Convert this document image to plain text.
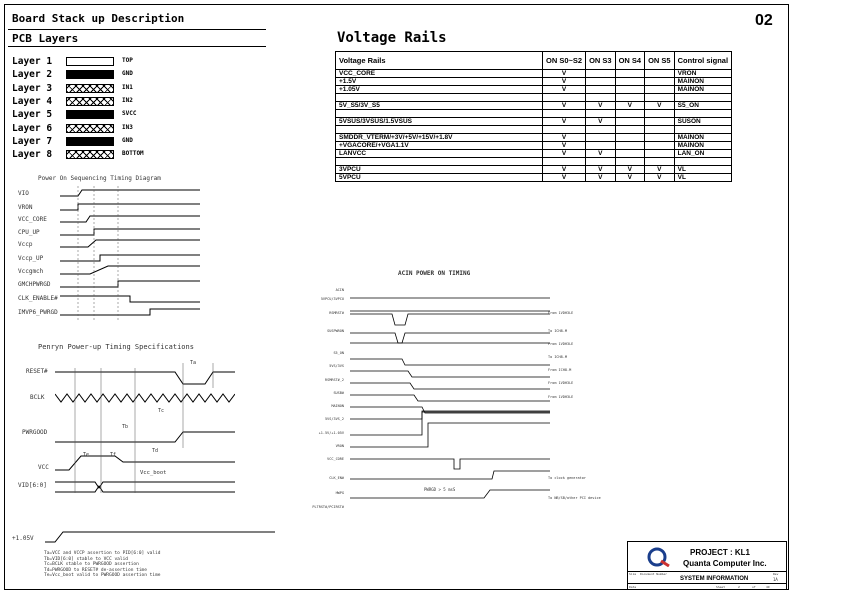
Board Stack up Description	02
PCB Layers
Layer 1	TOP
Layer 2	GND
Layer 3	IN1
Layer 4	IN2
Layer 5	SVCC
Layer 6	IN3
Layer 7	GND
Layer 8	BOTTOM
Voltage Rails
Voltage Rails	ON S0~S2	ON S3	ON S4	ON S5	Control signal
VCC_CORE	V				VRON
+1.5V	V				MAINON
+1.05V	V				MAINON

5V_S5/3V_S5	V	V	V	V	S5_ON

5VSUS/3VSUS/1.5VSUS	V	V			SUSON

SMDDR_VTERM/+3V/+5V/+15V/+1.8V	V				MAINON
+VGACORE/+VGA1.1V	V				MAINON
LANVCC	V	V			LAN_ON

3VPCU	V	V	V	V	VL
5VPCU	V	V	V	V	VL
Power On Sequencing Timing Diagram
VIO
VRON
VCC_CORE
CPU_UP
Vccp
Vccp_UP
Vccgmch
GMCHPWRGD
CLK_ENABLE#
IMVP6_PWRGD
Penryn Power-up Timing Specifications
RESET#
BCLK
PWRGOOD
VCC
VID[6:0]
Ta
Tb
Tc
Td
Te	Tf
Vcc_boot
+1.05V
Ta=VCC and VCCP assertion to PID[6:0] valid
Tb=VID[6:0] stable to VCC valid
Tc=BCLK stable to PWRGOOD assertion
Td=PWRGOOD to RESET# de-assertion time
Te=Vcc_boot valid to PWRGOOD assertion time
ACIN POWER ON TIMING
ACIN
5VPCU/3VPCU
RSMRST#
SUSPWRON
S5_ON
5VS/3VS
RSMRST#_2
SUSB#
MAINON
5VS/3VS_2
+1.5V/+1.05V
VRON
VCC_CORE
CLK_EN#
HWPG
PLTRST#/PCIRST#
From 1VDH3LE
To ICH8-M
From 1VDH3LE
To ICH8-M
From ICH8-M
From 1VDH3LE
From 1VDH3LE
To clock generator
To NB/SB/other PCI device
PWRGD > 5 msS
PROJECT : KL1
Quanta Computer Inc.
Size Document Number
SYSTEM INFORMATION
Rev
1A
Date	Sheet	2	of	49
